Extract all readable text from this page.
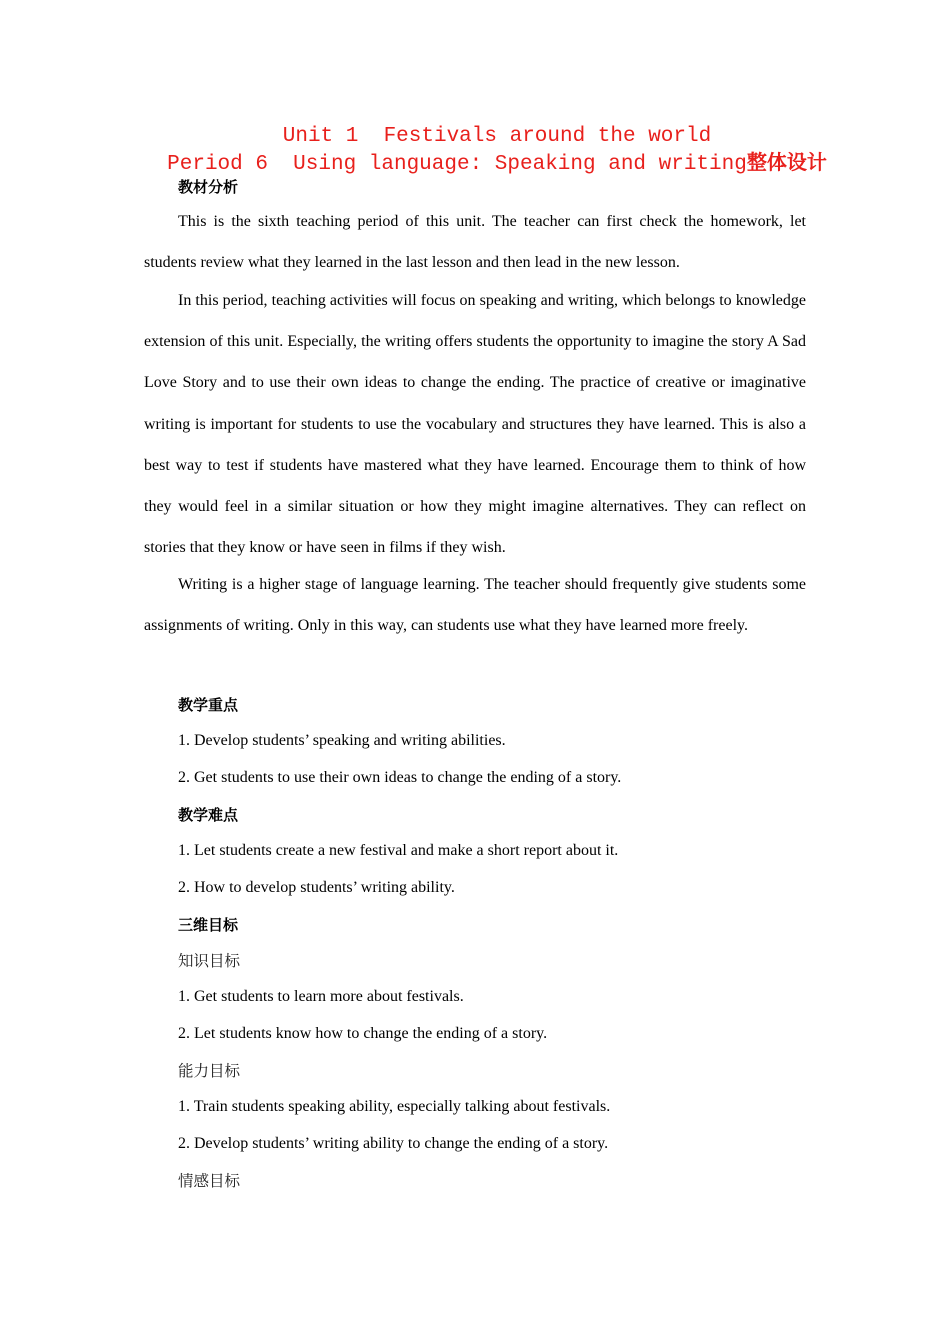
Unit 1  Festivals around the world
Period 6  Using language: Speaking and writing整体设计
教材分析

This is the sixth teaching period of this unit. The teacher can first check the homework, let students review what they learned in the last lesson and then lead in the new lesson.

In this period, teaching activities will focus on speaking and writing, which belongs to knowledge extension of this unit. Especially, the writing offers students the opportunity to imagine the story A Sad Love Story and to use their own ideas to change the ending. The practice of creative or imaginative writing is important for students to use the vocabulary and structures they have learned. This is also a best way to test if students have mastered what they have learned. Encourage them to think of how they would feel in a similar situation or how they might imagine alternatives. They can reflect on stories that they know or have seen in films if they wish.

Writing is a higher stage of language learning. The teacher should frequently give students some assignments of writing. Only in this way, can students use what they have learned more freely.

教学重点
1. Develop students’ speaking and writing abilities.
2. Get students to use their own ideas to change the ending of a story.
教学难点
1. Let students create a new festival and make a short report about it.
2. How to develop students’ writing ability.
三维目标
知识目标
1. Get students to learn more about festivals.
2. Let students know how to change the ending of a story.
能力目标
1. Train students speaking ability, especially talking about festivals.
2. Develop students’ writing ability to change the ending of a story.
情感目标
